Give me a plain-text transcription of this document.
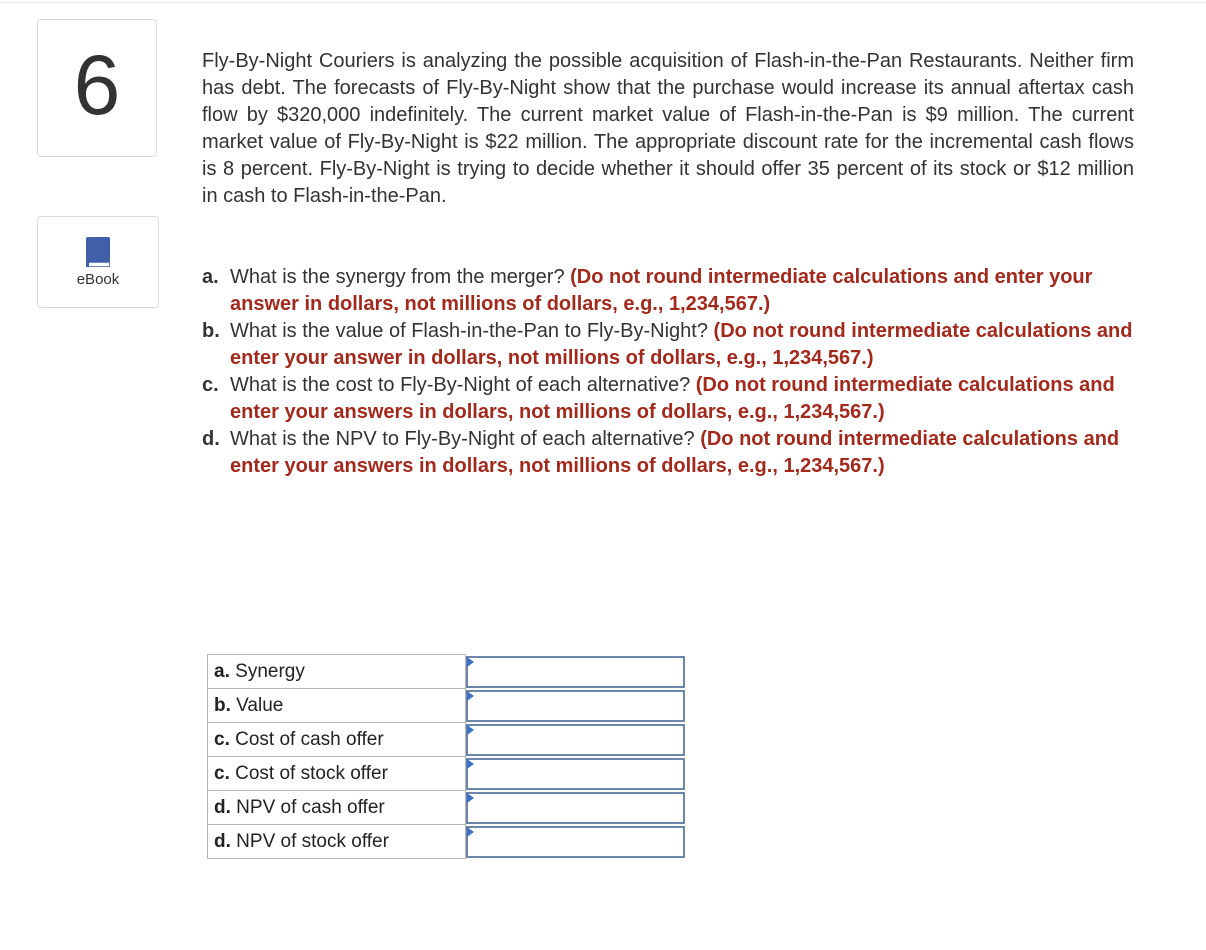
6
eBook

Fly-By-Night Couriers is analyzing the possible acquisition of Flash-in-the-Pan Restaurants. Neither firm has debt. The forecasts of Fly-By-Night show that the purchase would increase its annual aftertax cash flow by $320,000 indefinitely. The current market value of Flash-in-the-Pan is $9 million. The current market value of Fly-By-Night is $22 million. The appropriate discount rate for the incremental cash flows is 8 percent. Fly-By-Night is trying to decide whether it should offer 35 percent of its stock or $12 million in cash to Flash-in-the-Pan.

a. What is the synergy from the merger? (Do not round intermediate calculations and enter your answer in dollars, not millions of dollars, e.g., 1,234,567.)
b. What is the value of Flash-in-the-Pan to Fly-By-Night? (Do not round intermediate calculations and enter your answer in dollars, not millions of dollars, e.g., 1,234,567.)
c. What is the cost to Fly-By-Night of each alternative? (Do not round intermediate calculations and enter your answers in dollars, not millions of dollars, e.g., 1,234,567.)
d. What is the NPV to Fly-By-Night of each alternative? (Do not round intermediate calculations and enter your answers in dollars, not millions of dollars, e.g., 1,234,567.)
a. Synergy	

b. Value	

c. Cost of cash offer	

c. Cost of stock offer	

d. NPV of cash offer	

d. NPV of stock offer	
